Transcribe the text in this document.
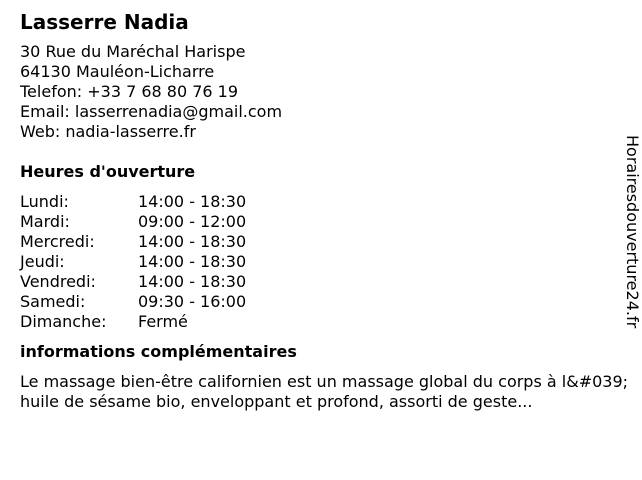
Lasserre Nadia
30 Rue du Maréchal Harispe
64130 Mauléon-Licharre
Telefon: +33 7 68 80 76 19
Email: lasserrenadia@gmail.com
Web: nadia-lasserre.fr
Heures d'ouverture
Lundi:	14:00 - 18:30
Mardi:	09:00 - 12:00
Mercredi:	14:00 - 18:30
Jeudi:	14:00 - 18:30
Vendredi:	14:00 - 18:30
Samedi:	09:30 - 16:00
Dimanche:	Fermé
informations complémentaires
Le massage bien-être californien est un massage global du corps à l&#039;huile de sésame bio, enveloppant et profond, assorti de geste...
Horairesdouverture24.fr
